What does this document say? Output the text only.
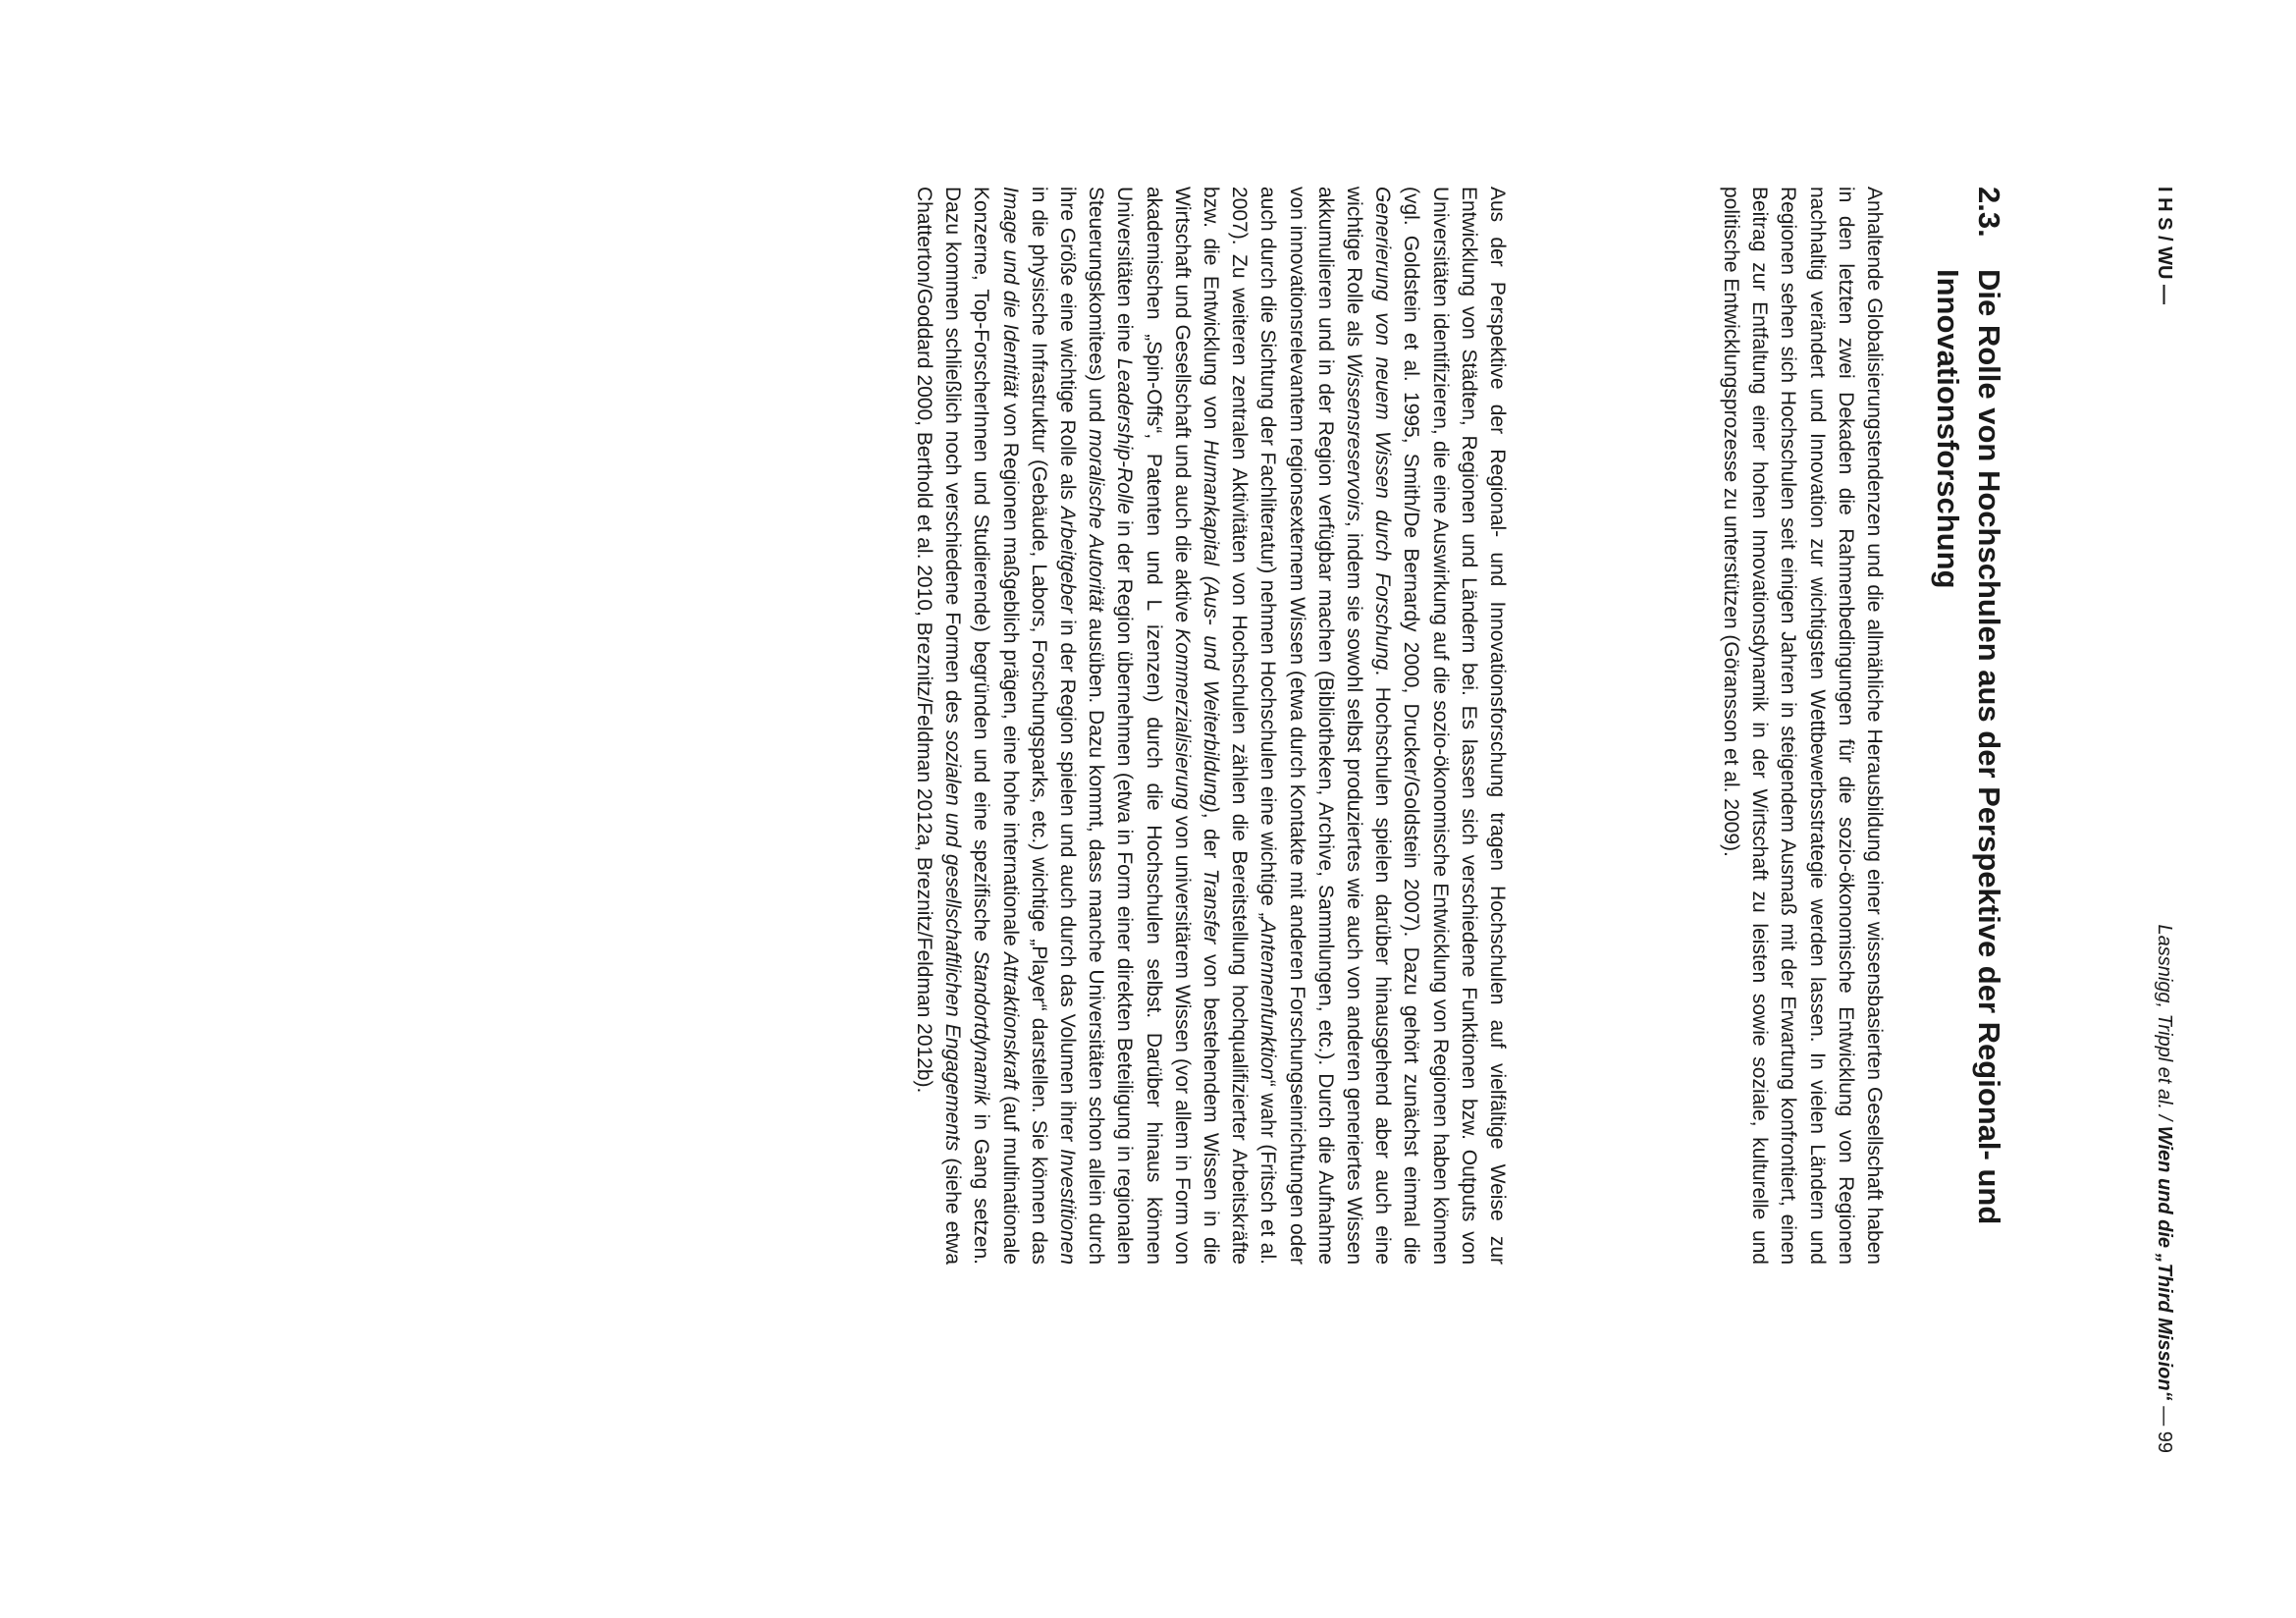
I H S / WU —
Lassnigg, Trippl et al. / Wien und die „Third Mission“ — 99
2.3.
Die Rolle von Hochschulen aus der Perspektive der Regional- und Innovationsforschung

Anhaltende Globalisierungstendenzen und die allmähliche Herausbildung einer wissensbasierten Gesellschaft haben in den letzten zwei Dekaden die Rahmenbedingungen für die sozio-ökonomische Entwicklung von Regionen nachhaltig verändert und Innovation zur wichtigsten Wettbewerbsstrategie werden lassen. In vielen Ländern und Regionen sehen sich Hochschulen seit einigen Jahren in steigendem Ausmaß mit der Erwartung konfrontiert, einen Beitrag zur Entfaltung einer hohen Innovationsdynamik in der Wirtschaft zu leisten sowie soziale, kulturelle und politische Entwicklungsprozesse zu unterstützen (Göransson et al. 2009).

Aus der Perspektive der Regional- und Innovationsforschung tragen Hochschulen auf vielfältige Weise zur Entwicklung von Städten, Regionen und Ländern bei. Es lassen sich verschiedene Funktionen bzw. Outputs von Universitäten identifizieren, die eine Auswirkung auf die sozio-ökonomische Entwicklung von Regionen haben können (vgl. Goldstein et al. 1995, Smith/De Bernardy 2000, Drucker/Goldstein 2007). Dazu gehört zunächst einmal die Generierung von neuem Wissen durch Forschung. Hochschulen spielen darüber hinausgehend aber auch eine wichtige Rolle als Wissensreservoirs, indem sie sowohl selbst produziertes wie auch von anderen generiertes Wissen akkumulieren und in der Region verfügbar machen (Bibliotheken, Archive, Sammlungen, etc.). Durch die Aufnahme von innovationsrelevantem regionsexternem Wissen (etwa durch Kontakte mit anderen Forschungseinrichtungen oder auch durch die Sichtung der Fachliteratur) nehmen Hochschulen eine wichtige „Antennenfunktion“ wahr (Fritsch et al. 2007). Zu weiteren zentralen Aktivitäten von Hochschulen zählen die Bereitstellung hochqualifizierter Arbeitskräfte bzw. die Entwicklung von Humankapital (Aus- und Weiterbildung), der Transfer von bestehendem Wissen in die Wirtschaft und Gesellschaft und auch die aktive Kommerzialisierung von universitärem Wissen (vor allem in Form von akademischen „Spin-Offs“, Patenten und L izenzen) durch die Hochschulen selbst. Darüber hinaus können Universitäten eine Leadership-Rolle in der Region übernehmen (etwa in Form einer direkten Beteiligung in regionalen Steuerungskomitees) und moralische Autorität ausüben. Dazu kommt, dass manche Universitäten schon allein durch ihre Größe eine wichtige Rolle als Arbeitgeber in der Region spielen und auch durch das Volumen ihrer Investitionen in die physische Infrastruktur (Gebäude, Labors, Forschungsparks, etc.) wichtige „Player“ darstellen. Sie können das Image und die Identität von Regionen maßgeblich prägen, eine hohe internationale Attraktionskraft (auf multinationale Konzerne, Top-ForscherInnen und Studierende) begründen und eine spezifische Standortdynamik in Gang setzen. Dazu kommen schließlich noch verschiedene Formen des sozialen und gesellschaftlichen Engagements (siehe etwa Chatterton/Goddard 2000, Berthold et al. 2010, Breznitz/Feldman 2012a, Breznitz/Feldman 2012b).
